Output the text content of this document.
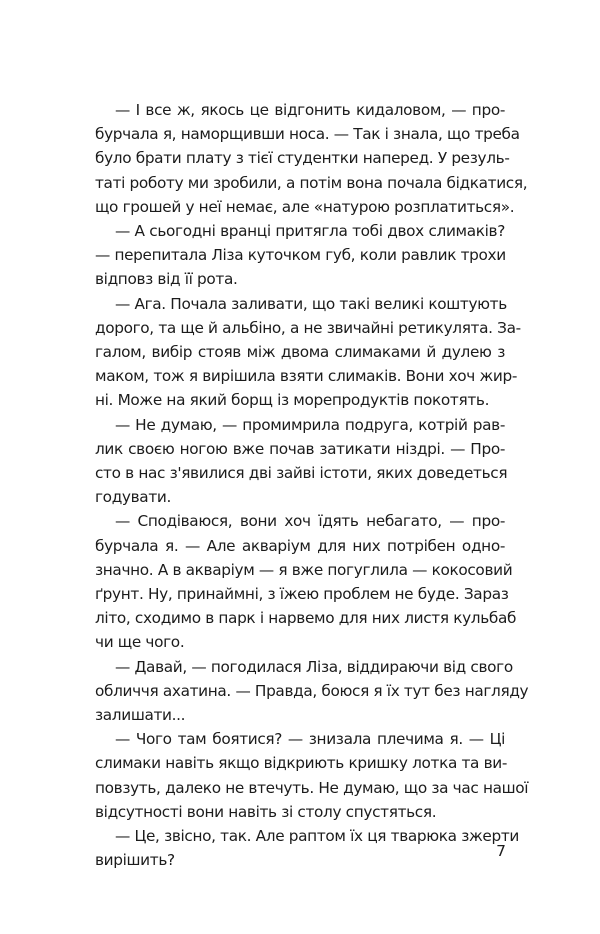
— І все ж, якось це відгонить кидаловом, — про-
бурчала я, наморщивши носа. — Так і знала, що треба
було брати плату з тієї студентки наперед. У резуль-
таті роботу ми зробили, а потім вона почала бідкатися,
що грошей у неї немає, але «натурою розплатиться».
— А сьогодні вранці притягла тобі двох слимаків?
— перепитала Ліза куточком губ, коли равлик трохи
відповз від її рота.
— Ага. Почала заливати, що такі великі коштують
дорого, та ще й альбіно, а не звичайні ретикулята. За-
галом, вибір стояв між двома слимаками й дулею з
маком, тож я вирішила взяти слимаків. Вони хоч жир-
ні. Може на який борщ із морепродуктів покотять.
— Не думаю, — промимрила подруга, котрій рав-
лик своєю ногою вже почав затикати ніздрі. — Про-
сто в нас з'явилися дві зайві істоти, яких доведеться
годувати.
— Сподіваюся, вони хоч їдять небагато, — про-
бурчала я. — Але акваріум для них потрібен одно-
значно. А в акваріум — я вже погуглила — кокосовий
ґрунт. Ну, принаймні, з їжею проблем не буде. Зараз
літо, сходимо в парк і нарвемо для них листя кульбаб
чи ще чого.
— Давай, — погодилася Ліза, віддираючи від свого
обличчя ахатина. — Правда, боюся я їх тут без нагляду
залишати...
— Чого там боятися? — знизала плечима я. — Ці
слимаки навіть якщо відкриють кришку лотка та ви-
повзуть, далеко не втечуть. Не думаю, що за час нашої
відсутності вони навіть зі столу спустяться.
— Це, звісно, так. Але раптом їх ця тварюка зжерти
вирішить?
7
